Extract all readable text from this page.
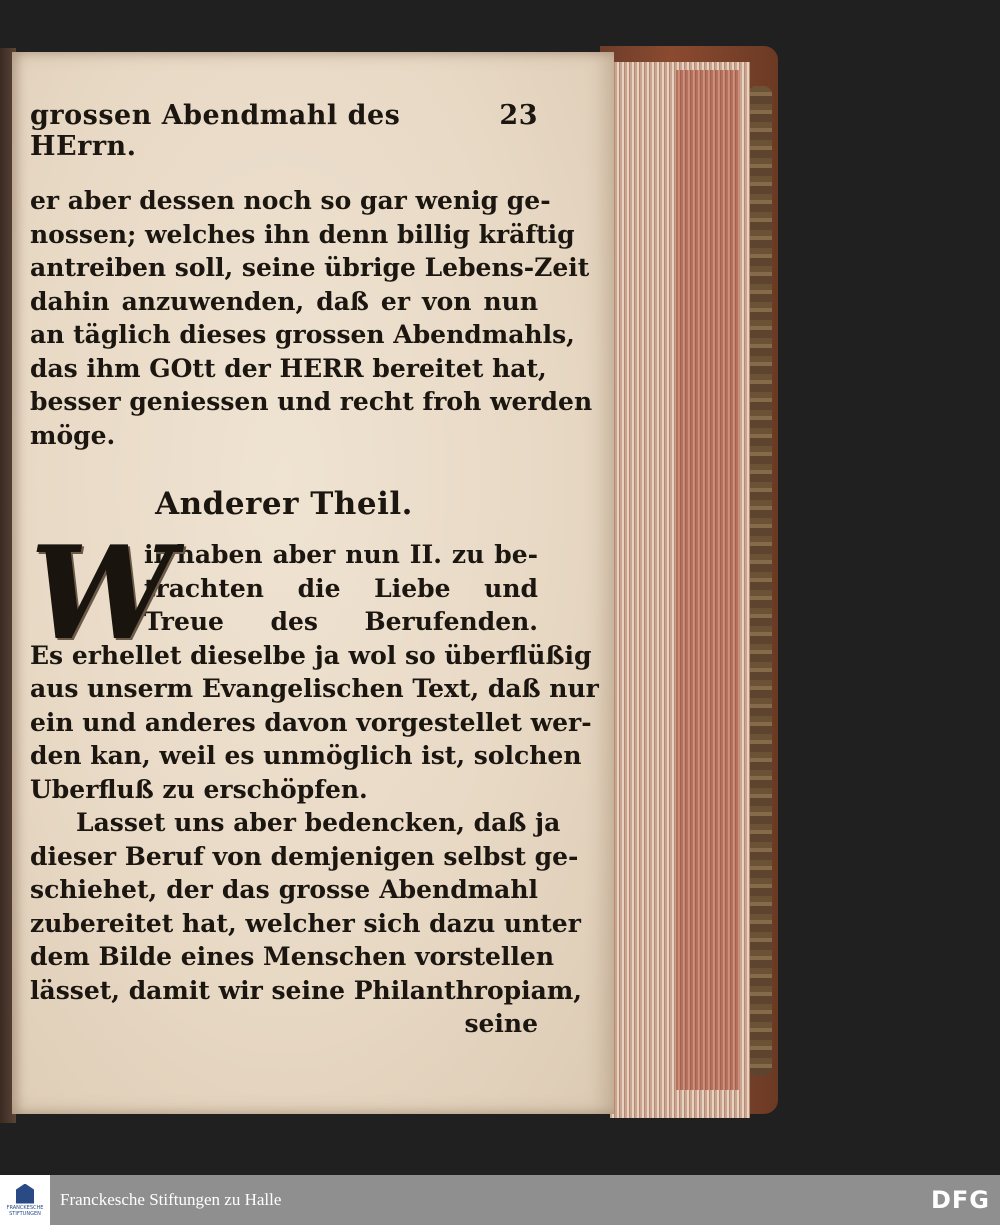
grossen Abendmahl des HErrn.
23
er aber dessen noch so gar wenig ge-
nossen; welches ihn denn billig kräftig
antreiben soll, seine übrige Lebens-Zeit
dahin anzuwenden, daß er von nun
an täglich dieses grossen Abendmahls,
das ihm GOtt der HERR bereitet hat,
besser geniessen und recht froh werden
möge.
Anderer Theil.
W
ir haben aber nun II. zu be-
trachten die Liebe und
Treue des Berufenden.
Es erhellet dieselbe ja wol so überflüßig
aus unserm Evangelischen Text, daß nur
ein und anderes davon vorgestellet wer-
den kan, weil es unmöglich ist, solchen
Uberfluß zu erschöpfen.
Lasset uns aber bedencken, daß ja
dieser Beruf von demjenigen selbst ge-
schiehet, der das grosse Abendmahl
zubereitet hat, welcher sich dazu unter
dem Bilde eines Menschen vorstellen
lässet, damit wir seine Philanthropiam,
seine
FRANCKESCHE
STIFTUNGEN
Franckesche Stiftungen zu Halle	DFG
